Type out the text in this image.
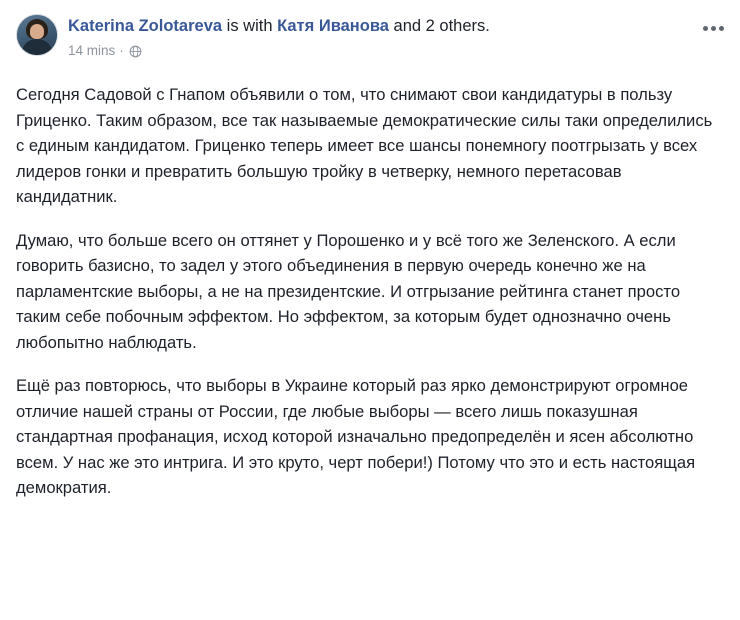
Katerina Zolotareva is with Катя Иванова and 2 others.
14 mins ·

Сегодня Садовой с Гнапом объявили о том, что снимают свои кандидатуры в пользу Гриценко. Таким образом, все так называемые демократические силы таки определились с единым кандидатом. Гриценко теперь имеет все шансы понемногу поотгрызать у всех лидеров гонки и превратить большую тройку в четверку, немного перетасовав кандидатник.

Думаю, что больше всего он оттянет у Порошенко и у всё того же Зеленского. А если говорить базисно, то задел у этого объединения в первую очередь конечно же на парламентские выборы, а не на президентские. И отгрызание рейтинга станет просто таким себе побочным эффектом. Но эффектом, за которым будет однозначно очень любопытно наблюдать.

Ещё раз повторюсь, что выборы в Украине который раз ярко демонстрируют огромное отличие нашей страны от России, где любые выборы — всего лишь показушная стандартная профанация, исход которой изначально предопределён и ясен абсолютно всем. У нас же это интрига. И это круто, черт побери!) Потому что это и есть настоящая демократия.
